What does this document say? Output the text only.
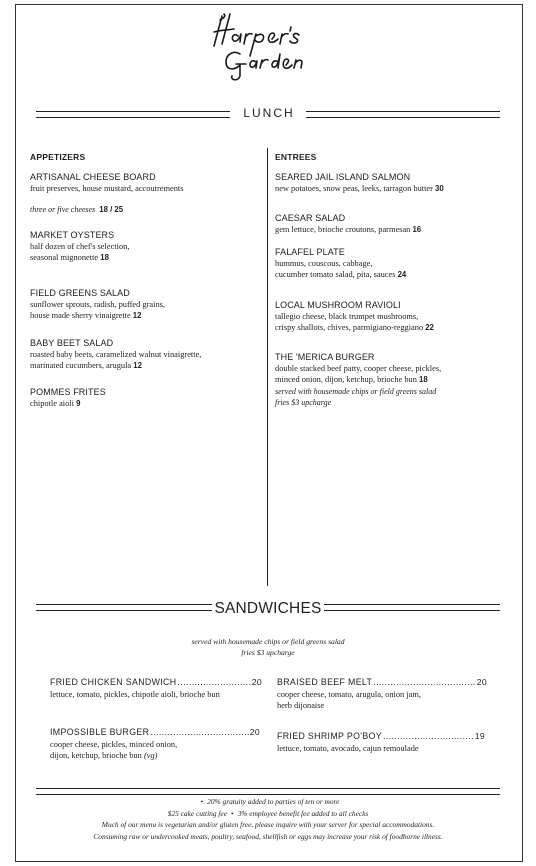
LUNCH
APPETIZERS
ARTISANAL CHEESE BOARD
fruit preserves, house mustard, accoutrements
three or five cheeses 18 / 25
MARKET OYSTERS
half dozen of chef's selection,
seasonal mignonette 18
FIELD GREENS SALAD
sunflower sprouts, radish, puffed grains,
house made sherry vinaigrette 12
BABY BEET SALAD
roasted baby beets, caramelized walnut vinaigrette,
marinated cucumbers, arugula 12
POMMES FRITES
chipotle aioli 9
ENTREES
SEARED JAIL ISLAND SALMON
new potatoes, snow peas, leeks, tarragon butter 30
CAESAR SALAD
gem lettuce, brioche croutons, parmesan 16
FALAFEL PLATE
hummus, couscous, cabbage,
cucumber tomato salad, pita, sauces 24
LOCAL MUSHROOM RAVIOLI
tallegio cheese, black trumpet mushrooms,
crispy shallots, chives, parmigiano-reggiano 22
THE 'MERICA BURGER
double stacked beef patty, cooper cheese, pickles,
minced onion, dijon, ketchup, brioche bun 18
served with housemade chips or field greens salad
fries $3 upcharge
SANDWICHES
served with housemade chips or field greens salad
fries $3 upcharge
FRIED CHICKEN SANDWICH .....	20
lettuce, tomato, pickles, chipotle aioli, brioche bun
BRAISED BEEF MELT .....	20
cooper cheese, tomato, arugula, onion jam,
herb dijonaise
IMPOSSIBLE BURGER .....	20
cooper cheese, pickles, minced onion,
dijon, ketchup, brioche bun (vg)
FRIED SHRIMP PO'BOY .....	19
lettuce, tomato, avocado, cajun remoulade
• 20% gratuity added to parties of ten or more
$25 cake cutting fee • 3% employee benefit fee added to all checks
Much of our menu is vegetarian and/or gluten free, please inquire with your server for special accommodations.
Consuming raw or undercooked meats, poultry, seafood, shellfish or eggs may increase your risk of foodborne illness.
